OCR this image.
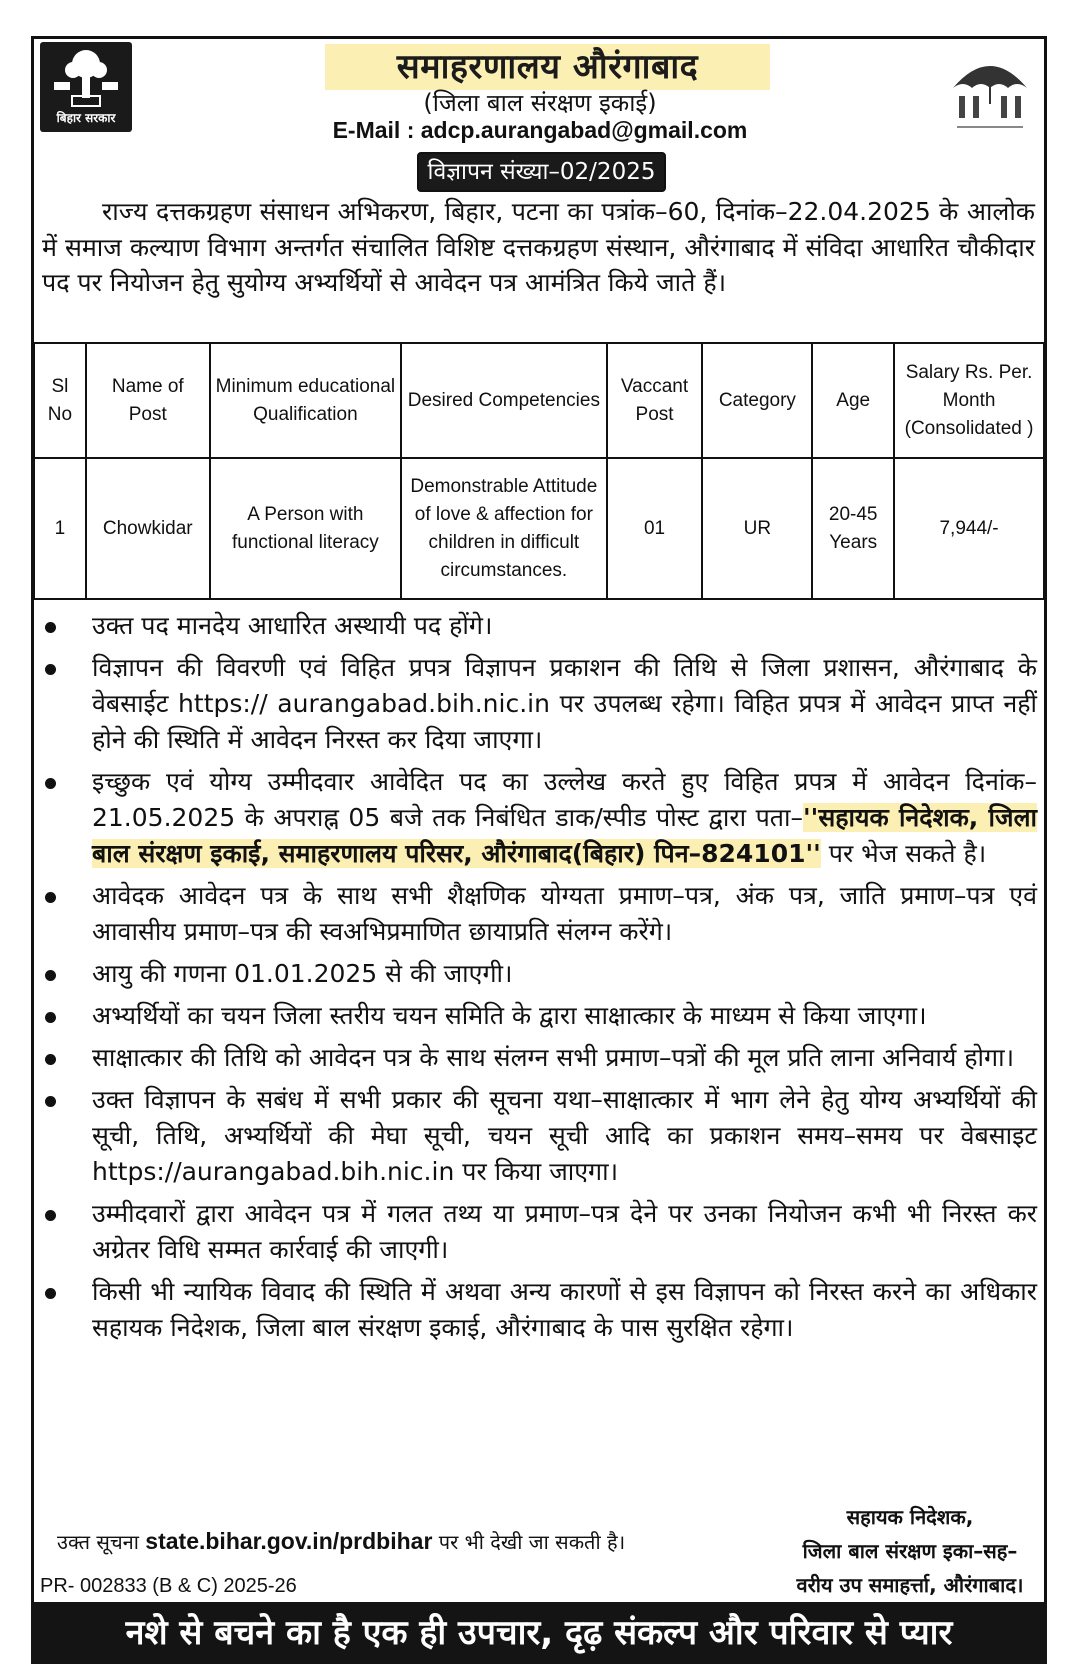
बिहार सरकार
समाहरणालय औरंगाबाद
(जिला बाल संरक्षण इकाई)
E-Mail : adcp.aurangabad@gmail.com
विज्ञापन संख्या–02/2025
राज्य दत्तकग्रहण संसाधन अभिकरण, बिहार, पटना का पत्रांक–60, दिनांक–22.04.2025 के आलोक में समाज कल्याण विभाग अन्तर्गत संचालित विशिष्ट दत्तकग्रहण संस्थान, औरंगाबाद में संविदा आधारित चौकीदार पद पर नियोजन हेतु सुयोग्य अभ्यर्थियों से आवेदन पत्र आमंत्रित किये जाते हैं।
Sl No	Name of Post	Minimum educational Qualification	Desired Competencies	Vaccant Post	Category	Age	Salary Rs. Per. Month (Consolidated )
1	Chowkidar	A Person with functional literacy	Demonstrable Attitude of love & affection for children in difficult circumstances.	01	UR	20-45 Years	7,944/-
उक्त पद मानदेय आधारित अस्थायी पद होंगे।
विज्ञापन की विवरणी एवं विहित प्रपत्र विज्ञापन प्रकाशन की तिथि से जिला प्रशासन, औरंगाबाद के वेबसाईट https:// aurangabad.bih.nic.in पर उपलब्ध रहेगा। विहित प्रपत्र में आवेदन प्राप्त नहीं होने की स्थिति में आवेदन निरस्त कर दिया जाएगा।
इच्छुक एवं योग्य उम्मीदवार आवेदित पद का उल्लेख करते हुए विहित प्रपत्र में आवेदन दिनांक–21.05.2025 के अपराह्न 05 बजे तक निबंधित डाक/स्पीड पोस्ट द्वारा पता–''सहायक निदेशक, जिला बाल संरक्षण इकाई, समाहरणालय परिसर, औरंगाबाद(बिहार) पिन–824101'' पर भेज सकते है।
आवेदक आवेदन पत्र के साथ सभी शैक्षणिक योग्यता प्रमाण–पत्र, अंक पत्र, जाति प्रमाण–पत्र एवं आवासीय प्रमाण–पत्र की स्वअभिप्रमाणित छायाप्रति संलग्न करेंगे।
आयु की गणना 01.01.2025 से की जाएगी।
अभ्यर्थियों का चयन जिला स्तरीय चयन समिति के द्वारा साक्षात्कार के माध्यम से किया जाएगा।
साक्षात्कार की तिथि को आवेदन पत्र के साथ संलग्न सभी प्रमाण–पत्रों की मूल प्रति लाना अनिवार्य होगा।
उक्त विज्ञापन के सबंध में सभी प्रकार की सूचना यथा–साक्षात्कार में भाग लेने हेतु योग्य अभ्यर्थियों की सूची, तिथि, अभ्यर्थियों की मेघा सूची, चयन सूची आदि का प्रकाशन समय–समय पर वेबसाइट https://aurangabad.bih.nic.in पर किया जाएगा।
उम्मीदवारों द्वारा आवेदन पत्र में गलत तथ्य या प्रमाण–पत्र देने पर उनका नियोजन कभी भी निरस्त कर अग्रेतर विधि सम्मत कार्रवाई की जाएगी।
किसी भी न्यायिक विवाद की स्थिति में अथवा अन्य कारणों से इस विज्ञापन को निरस्त करने का अधिकार सहायक निदेशक, जिला बाल संरक्षण इकाई, औरंगाबाद के पास सुरक्षित रहेगा।
उक्त सूचना state.bihar.gov.in/prdbihar पर भी देखी जा सकती है।
सहायक निदेशक,
जिला बाल संरक्षण इका–सह–
वरीय उप समाहर्त्ता, औरंगाबाद।
PR- 002833 (B & C) 2025-26
नशे से बचने का है एक ही उपचार, दृढ़ संकल्प और परिवार से प्यार
